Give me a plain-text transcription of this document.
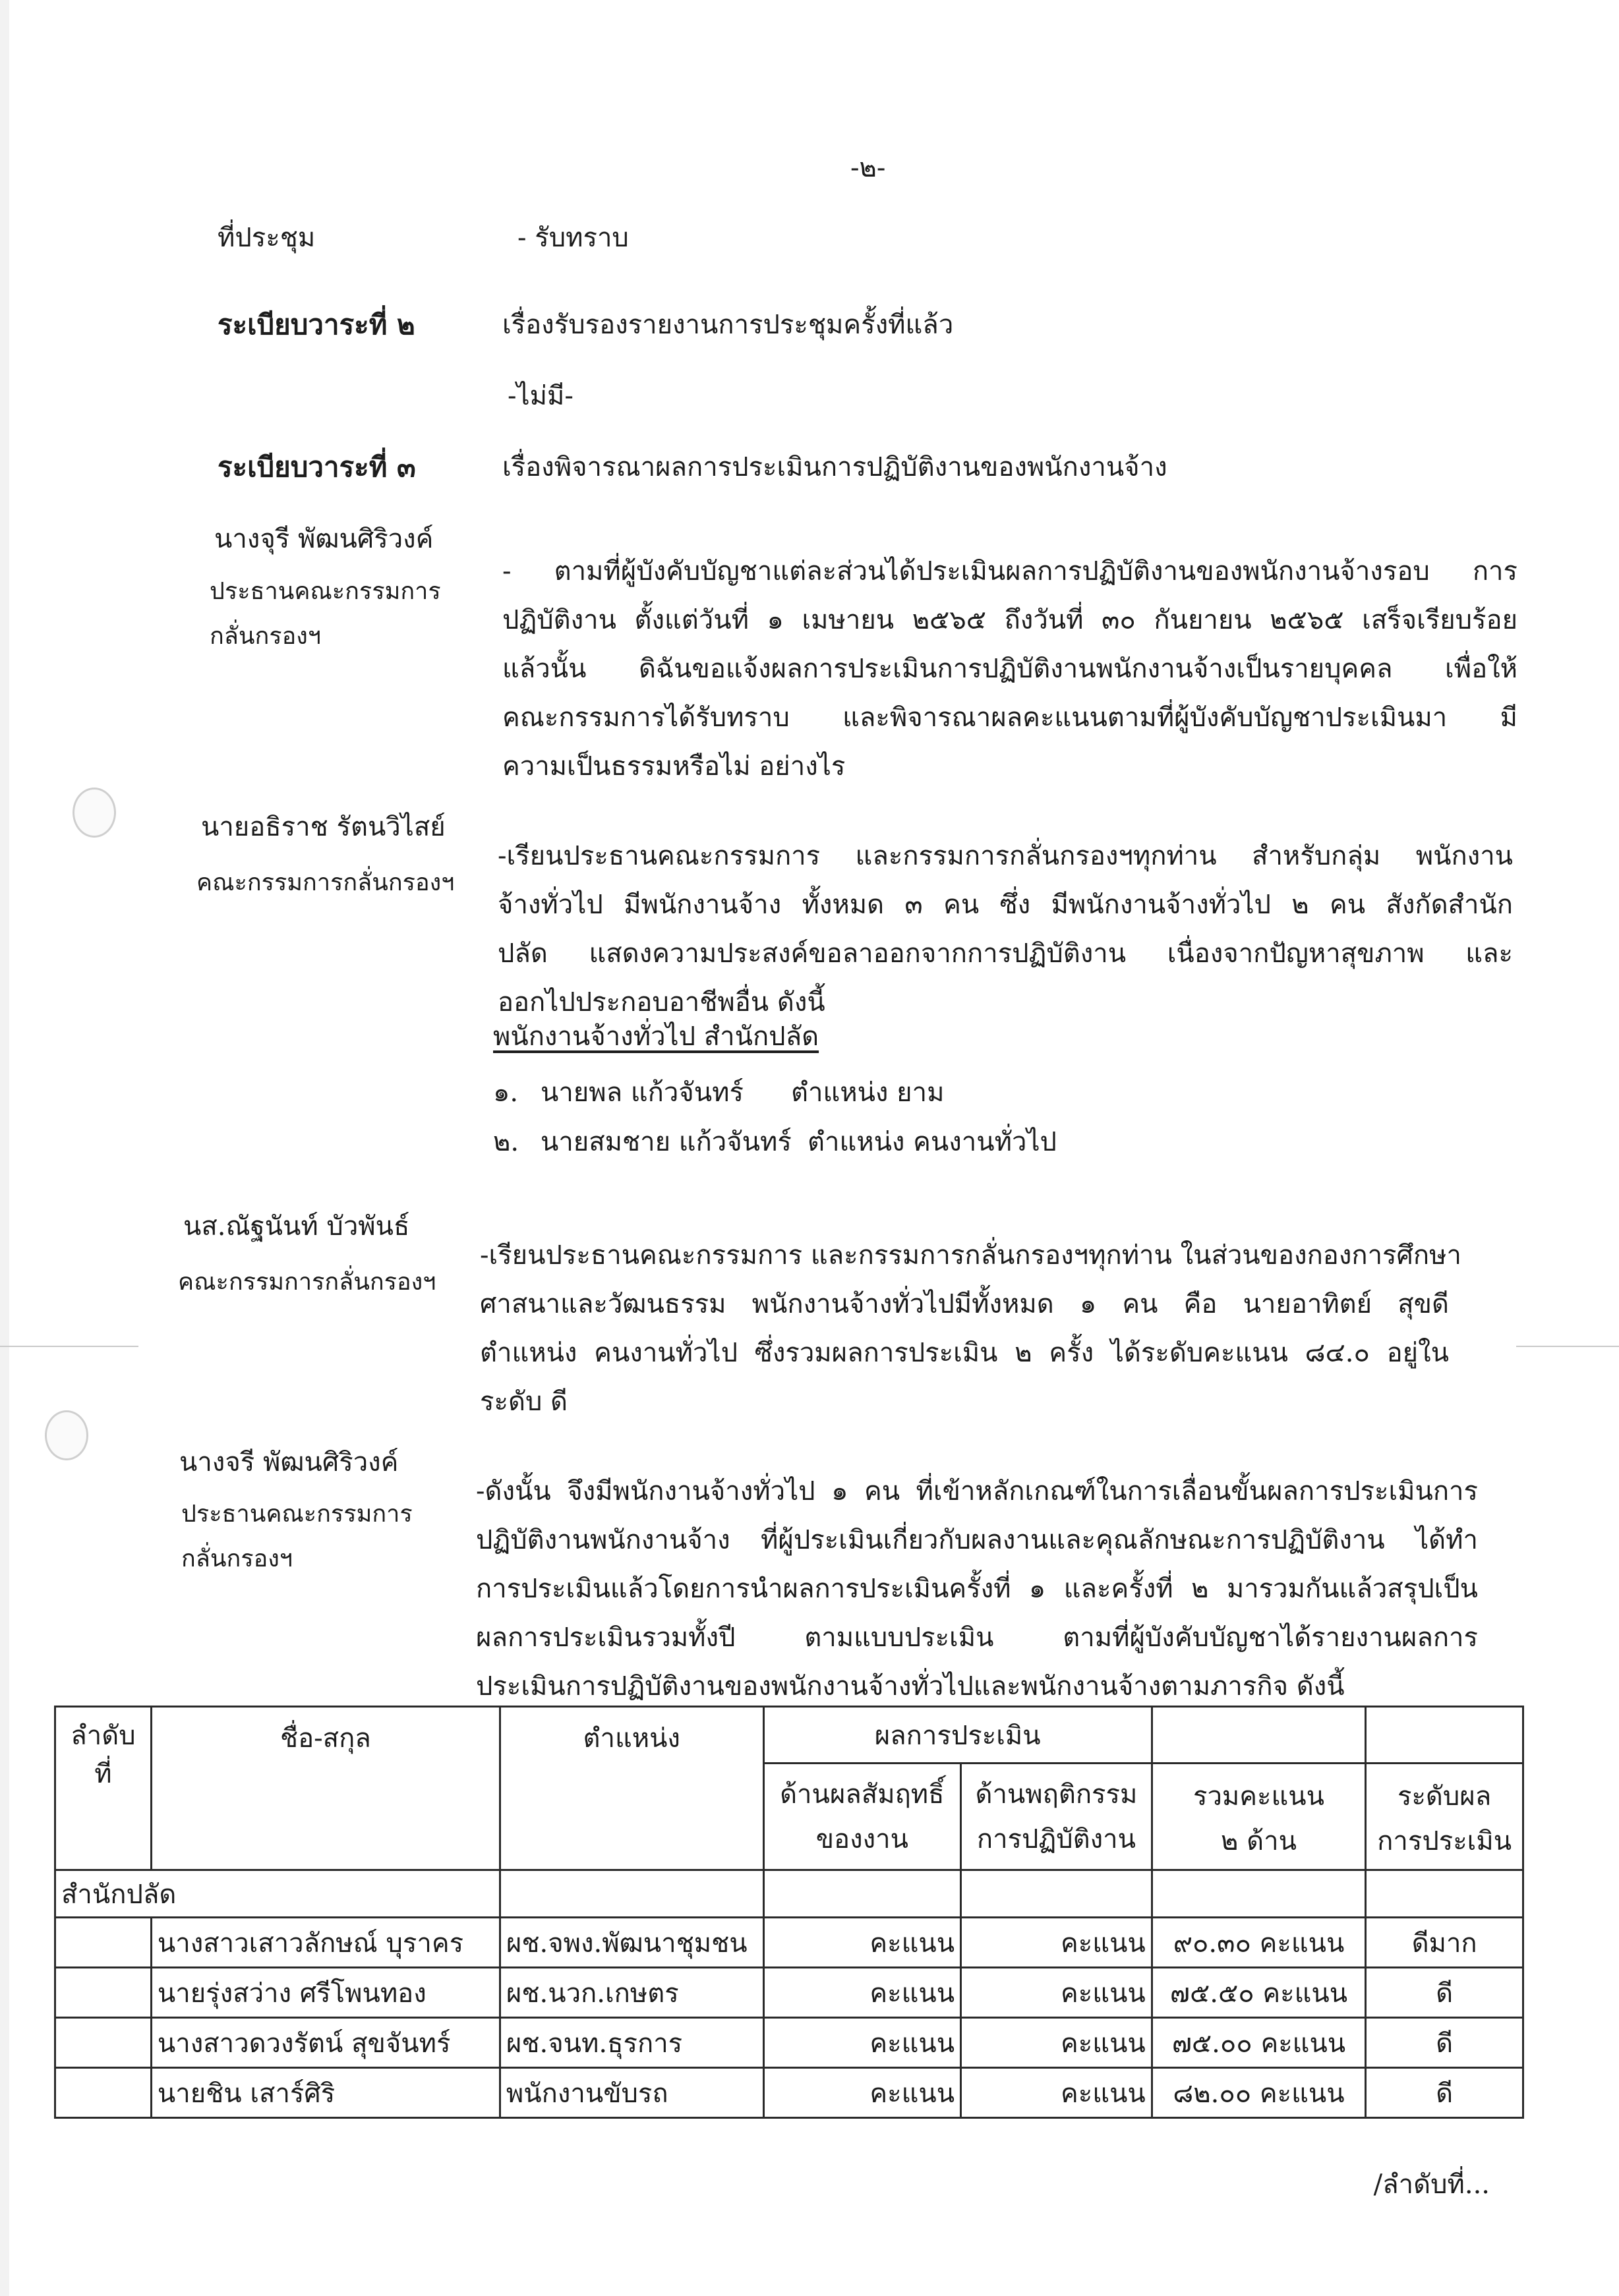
-๒-
ที่ประชุม	- รับทราบ
ระเบียบวาระที่ ๒	เรื่องรับรองรายงานการประชุมครั้งที่แล้ว
-ไม่มี-
ระเบียบวาระที่ ๓	เรื่องพิจารณาผลการประเมินการปฏิบัติงานของพนักงานจ้าง
นางจุรี พัฒนศิริวงค์
ประธานคณะกรรมการ
กลั่นกรองฯ
- ตามที่ผู้บังคับบัญชาแต่ละส่วนได้ประเมินผลการปฏิบัติงานของพนักงานจ้างรอบ การ
ปฏิบัติงาน ตั้งแต่วันที่ ๑ เมษายน ๒๕๖๕ ถึงวันที่ ๓๐ กันยายน ๒๕๖๕ เสร็จเรียบร้อย
แล้วนั้น ดิฉันขอแจ้งผลการประเมินการปฏิบัติงานพนักงานจ้างเป็นรายบุคคล เพื่อให้
คณะกรรมการได้รับทราบ และพิจารณาผลคะแนนตามที่ผู้บังคับบัญชาประเมินมา มี
ความเป็นธรรมหรือไม่ อย่างไร
นายอธิราช รัตนวิไสย์
คณะกรรมการกลั่นกรองฯ
-เรียนประธานคณะกรรมการ และกรรมการกลั่นกรองฯทุกท่าน สำหรับกลุ่ม พนักงาน
จ้างทั่วไป มีพนักงานจ้าง ทั้งหมด ๓ คน ซึ่ง มีพนักงานจ้างทั่วไป ๒ คน สังกัดสำนัก
ปลัด แสดงความประสงค์ขอลาออกจากการปฏิบัติงาน เนื่องจากปัญหาสุขภาพ และ
ออกไปประกอบอาชีพอื่น ดังนี้
พนักงานจ้างทั่วไป สำนักปลัด
๑. นายพล แก้วจันทร์ ตำแหน่ง ยาม
๒. นายสมชาย แก้วจันทร์ ตำแหน่ง คนงานทั่วไป
นส.ณัฐนันท์ บัวพันธ์
คณะกรรมการกลั่นกรองฯ
-เรียนประธานคณะกรรมการ และกรรมการกลั่นกรองฯทุกท่าน ในส่วนของกองการศึกษา
ศาสนาและวัฒนธรรม พนักงานจ้างทั่วไปมีทั้งหมด ๑ คน คือ นายอาทิตย์ สุขดี
ตำแหน่ง คนงานทั่วไป ซึ่งรวมผลการประเมิน ๒ ครั้ง ได้ระดับคะแนน ๘๔.๐ อยู่ใน
ระดับ ดี
นางจรี พัฒนศิริวงค์
ประธานคณะกรรมการ
กลั่นกรองฯ
-ดังนั้น จึงมีพนักงานจ้างทั่วไป ๑ คน ที่เข้าหลักเกณฑ์ในการเลื่อนขั้นผลการประเมินการ
ปฏิบัติงานพนักงานจ้าง ที่ผู้ประเมินเกี่ยวกับผลงานและคุณลักษณะการปฏิบัติงาน ได้ทำ
การประเมินแล้วโดยการนำผลการประเมินครั้งที่ ๑ และครั้งที่ ๒ มารวมกันแล้วสรุปเป็น
ผลการประเมินรวมทั้งปี ตามแบบประเมิน ตามที่ผู้บังคับบัญชาได้รายงานผลการ
ประเมินการปฏิบัติงานของพนักงานจ้างทั่วไปและพนักงานจ้างตามภารกิจ ดังนี้
ลำดับ
ที่	ชื่อ-สกุล	ตำแหน่ง	ผลการประเมิน			
			ด้านผลสัมฤทธิ์
ของงาน	ด้านพฤติกรรม
การปฏิบัติงาน	รวมคะแนน
๒ ด้าน	ระดับผล
การประเมิน
สำนักปลัด						
	นางสาวเสาวลักษณ์ บุราคร	ผช.จพง.พัฒนาชุมชน	คะแนน	คะแนน	๙๐.๓๐ คะแนน	ดีมาก
	นายรุ่งสว่าง ศรีโพนทอง	ผช.นวก.เกษตร	คะแนน	คะแนน	๗๕.๕๐ คะแนน	ดี
	นางสาวดวงรัตน์ สุขจันทร์	ผช.จนท.ธุรการ	คะแนน	คะแนน	๗๕.๐๐ คะแนน	ดี
	นายชิน เสาร์ศิริ	พนักงานขับรถ	คะแนน	คะแนน	๘๒.๐๐ คะแนน	ดี
/ลำดับที่...
